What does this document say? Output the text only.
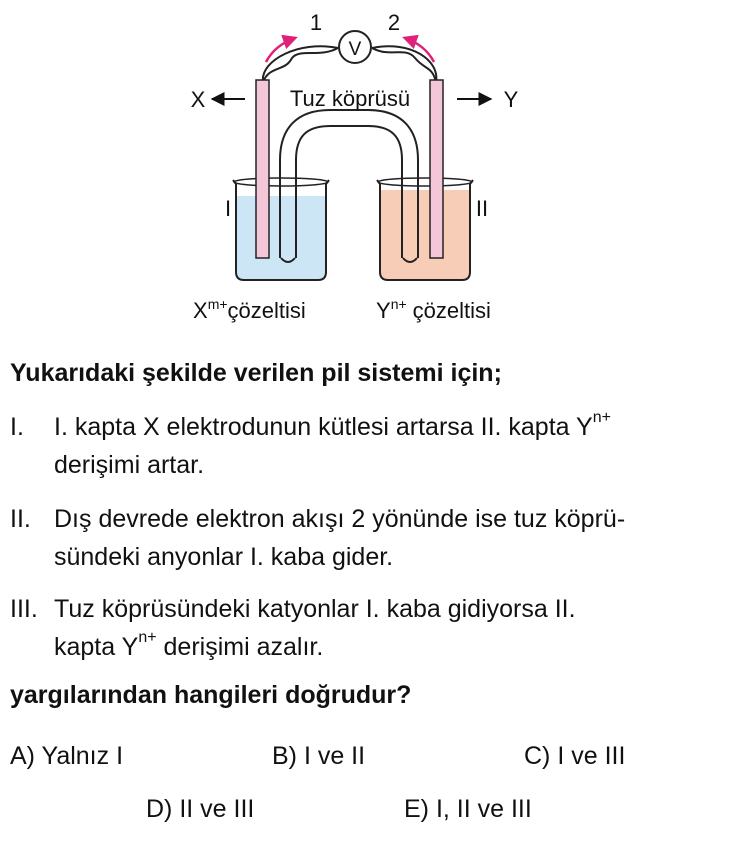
V
1	2
Tuz köprüsü
X	Y
I	II
$X^{m+}çözeltisi$	$Y^{n+}$ çözeltisi
Yukarıdaki şekilde verilen pil sistemi için;
I. I. kapta X elektrodunun kütlesi artarsa II. kapta $Y^{n+}$
derişimi artar.
II. Dış devrede elektron akışı 2 yönünde ise tuz köprü-
sündeki anyonlar I. kaba gider.
III. Tuz köprüsündeki katyonlar I. kaba gidiyorsa II.
kapta $Y^{n+}$ derişimi azalır.
yargılarından hangileri doğrudur?
A) Yalnız I	B) I ve II	C) I ve III
D) II ve III	E) I, II ve III
